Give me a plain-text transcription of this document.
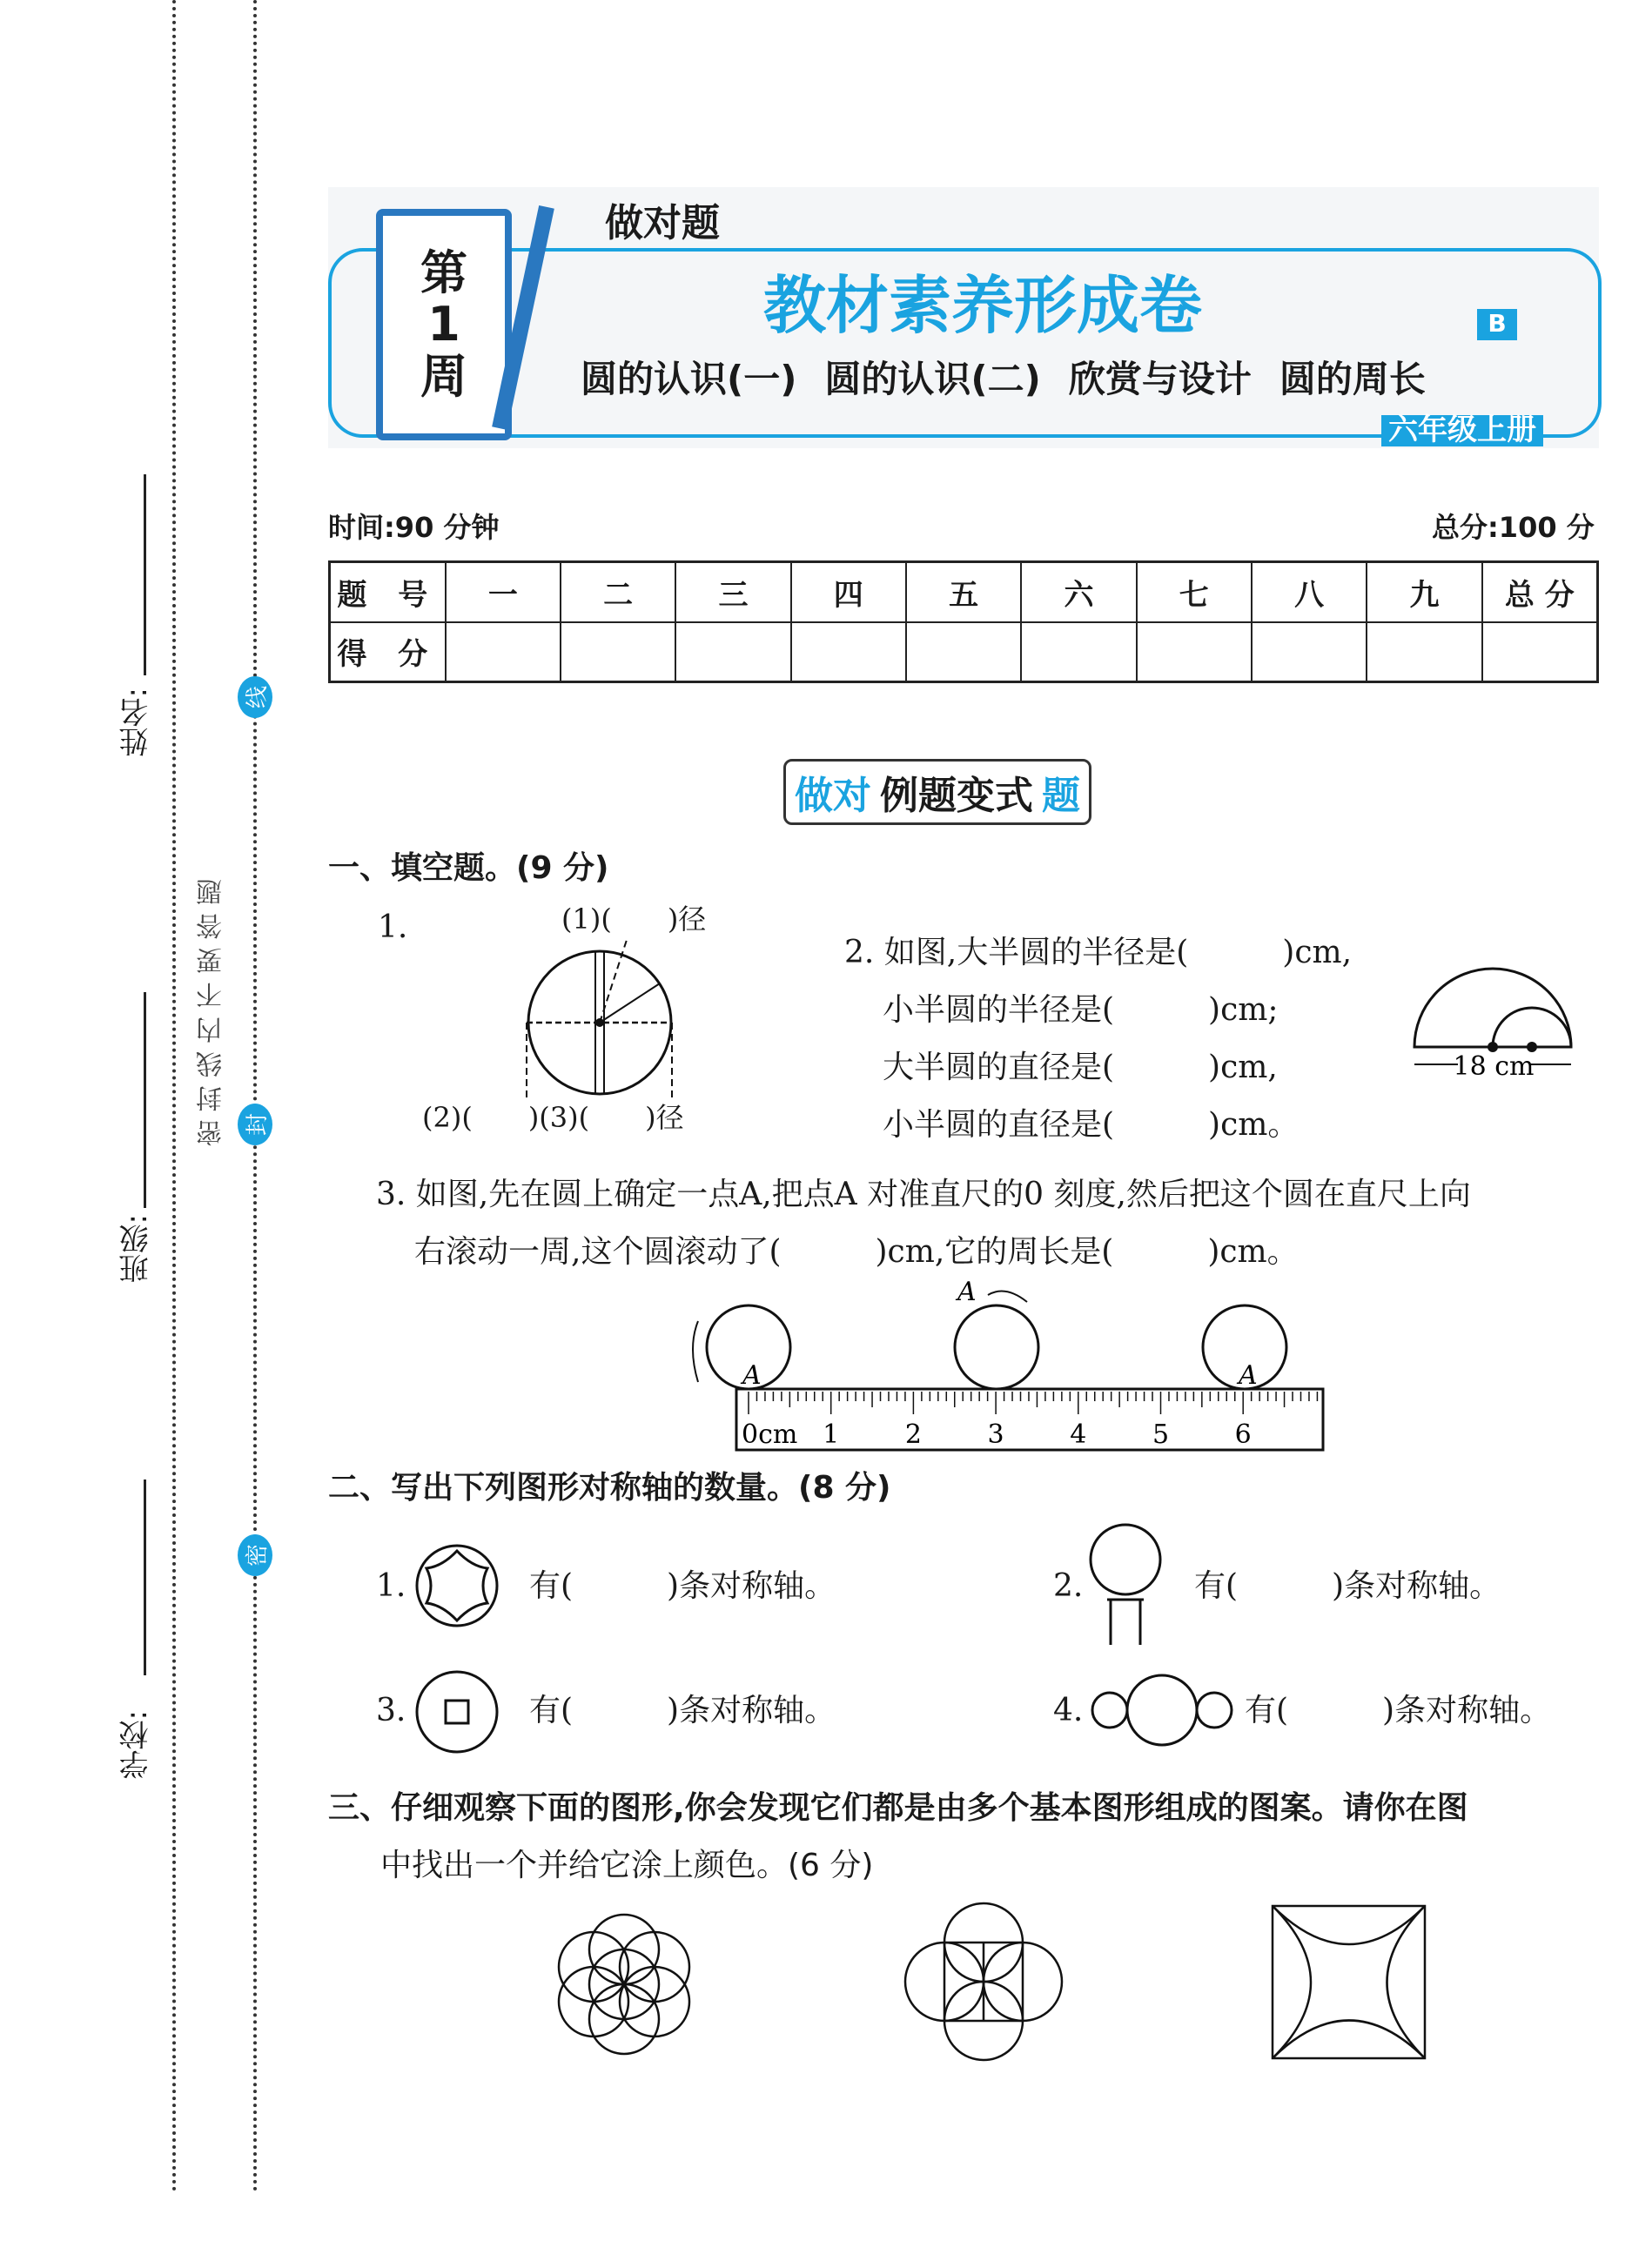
姓名:
班级:
学校:
密 封 线 内 不 要 答 题
线
封
密
第
1
周
做对题
教材素养形成卷	B
圆的认识(一) 圆的认识(二) 欣赏与设计 圆的周长
六年级上册
时间:90 分钟	总分:100 分
题 号	一	二	三	四	五	六	七	八	九	总 分
得 分										
做 对 例题变式 题
一、填空题。(9 分)
1.	(1)(　　)径
(2)(　　)(3)(　　)径
2. 如图,大半圆的半径是(　　　)cm,
小半圆的半径是(　　　)cm;
大半圆的直径是(　　　)cm,
小半圆的直径是(　　　)cm。
18 cm
3. 如图,先在圆上确定一点A,把点A 对准直尺的0 刻度,然后把这个圆在直尺上向
右滚动一周,这个圆滚动了(　　　)cm,它的周长是(　　　)cm。
0cm 1	2	3	4	5	6
A
A
A
二、写出下列图形对称轴的数量。(8 分)
1.	有(　　　)条对称轴。	2.	有(　　　)条对称轴。
3.	有(　　　)条对称轴。	4.	有(　　　)条对称轴。
三、仔细观察下面的图形,你会发现它们都是由多个基本图形组成的图案。请你在图
中找出一个并给它涂上颜色。(6 分)
